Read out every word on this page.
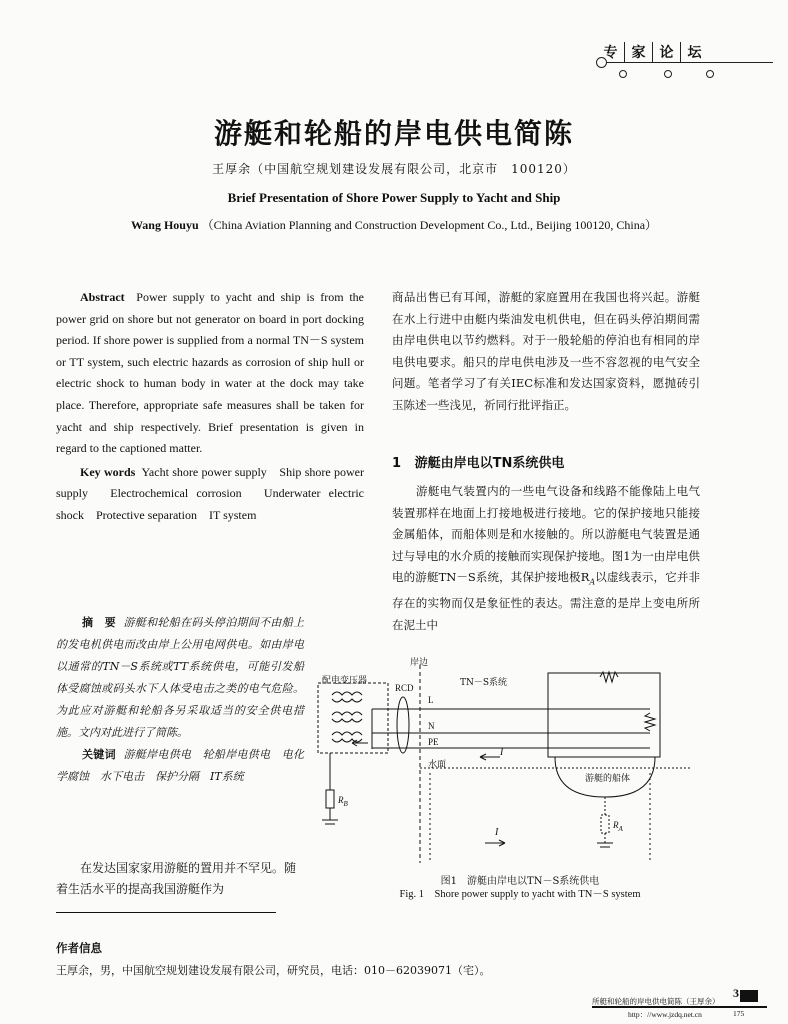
专	家	论	坛
游艇和轮船的岸电供电简陈
王厚余（中国航空规划建设发展有限公司，北京市　100120）
Brief Presentation of Shore Power Supply to Yacht and Ship
Wang Houyu （China Aviation Planning and Construction Development Co., Ltd., Beijing 100120, China）
Abstract Power supply to yacht and ship is from the power grid on shore but not generator on board in port docking period. If shore power is supplied from a normal TN－S system or TT system, such electric hazards as corrosion of ship hull or electric shock to human body in water at the dock may take place. Therefore, appropriate safe measures shall be taken for yacht and ship respectively. Brief presentation is given in regard to the captioned matter.
Key words Yacht shore power supply　Ship shore power supply　Electrochemical corrosion　Underwater electric shock　Protective separation　IT system
摘　要 游艇和轮船在码头停泊期间不由船上的发电机供电而改由岸上公用电网供电。如由岸电以通常的TN－S系统或TT系统供电，可能引发船体受腐蚀或码头水下人体受电击之类的电气危险。为此应对游艇和轮船各另采取适当的安全供电措施。文内对此进行了简陈。
关键词 游艇岸电供电　轮船岸电供电　电化学腐蚀　水下电击　保护分隔　IT系统
在发达国家家用游艇的置用并不罕见。随着生活水平的提高我国游艇作为
商品出售已有耳闻，游艇的家庭置用在我国也将兴起。游艇在水上行进中由艇内柴油发电机供电，但在码头停泊期间需由岸电供电以节约燃料。对于一般轮船的停泊也有相同的岸电供电要求。船只的岸电供电涉及一些不容忽视的电气安全问题。笔者学习了有关IEC标准和发达国家资料，愿抛砖引玉陈述一些浅见，祈同行批评指正。
1 游艇由岸电以TN系统供电
游艇电气装置内的一些电气设备和线路不能像陆上电气装置那样在地面上打接地极进行接地。它的保护接地只能接金属船体，而船体则是和水接触的。所以游艇电气装置是通过与导电的水介质的接触而实现保护接地。图1为一由岸电供电的游艇TN－S系统，其保护接地极$R_A$以虚线表示，它并非存在的实物而仅是象征性的表达。需注意的是岸上变电所所在泥土中
岸边
配电变压器
RCD	TN－S系统
L
N
PE
水面
I
I
游艇的船体
$R_B$
$R_A$
图1　游艇由岸电以TN－S系统供电
Fig. 1　Shore power supply to yacht with TN－S system
作者信息
王厚余，男，中国航空规划建设发展有限公司，研究员，电话：010－62039071（宅）。
3
所艇和轮船的岸电供电简陈（王厚余）
http：//www.jzdq.net.cn	175
